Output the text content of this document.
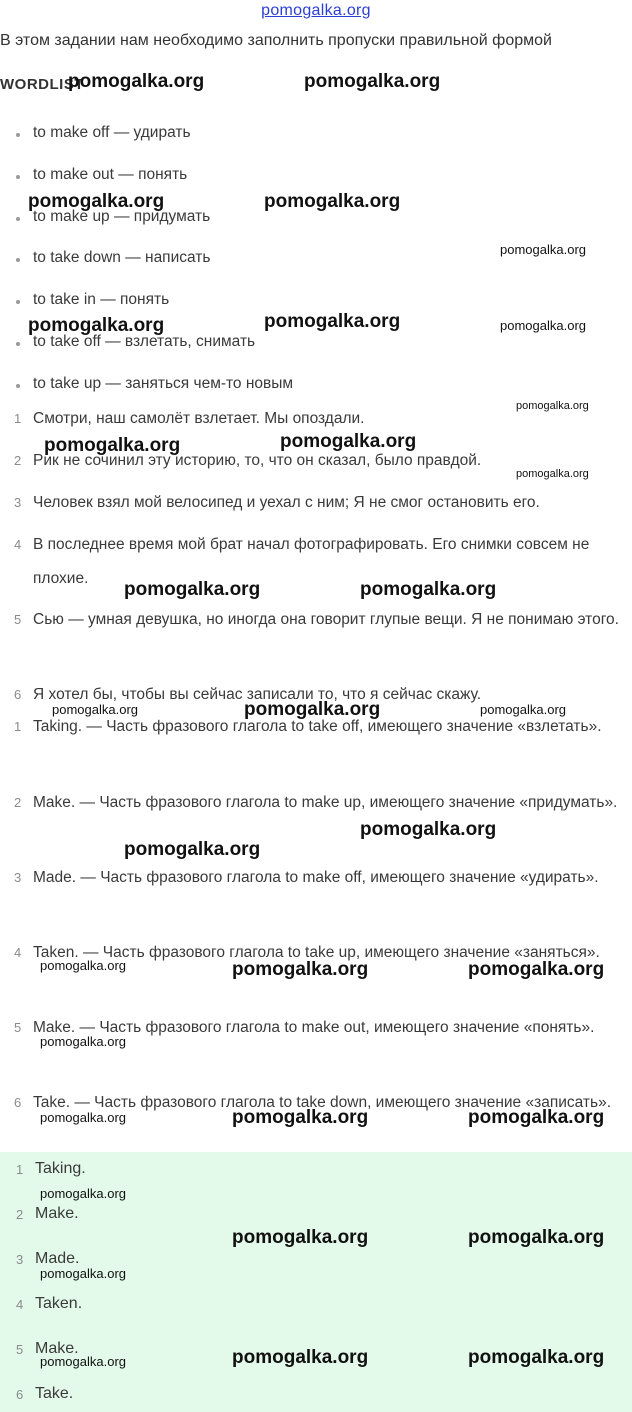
pomogalka.org
В этом задании нам необходимо заполнить пропуски правильной формой
WORDLIST
to make off — удирать
to make out — понять
to make up — придумать
to take down — написать
to take in — понять
to take off — взлетать, снимать
to take up — заняться чем-то новым
1 Смотри, наш самолёт взлетает. Мы опоздали.
2 Рик не сочинил эту историю, то, что он сказал, было правдой.
3 Человек взял мой велосипед и уехал с ним; Я не смог остановить его.
4 В последнее время мой брат начал фотографировать. Его снимки совсем не плохие.
5 Сью — умная девушка, но иногда она говорит глупые вещи. Я не понимаю этого.
6 Я хотел бы, чтобы вы сейчас записали то, что я сейчас скажу.
1 Taking. — Часть фразового глагола to take off, имеющего значение «взлетать».
2 Make. — Часть фразового глагола to make up, имеющего значение «придумать».
3 Made. — Часть фразового глагола to make off, имеющего значение «удирать».
4 Taken. — Часть фразового глагола to take up, имеющего значение «заняться».
5 Make. — Часть фразового глагола to make out, имеющего значение «понять».
6 Take. — Часть фразового глагола to take down, имеющего значение «записать».
1 Taking.
2 Make.
3 Made.
4 Taken.
5 Make.
6 Take.
pomogalka.org	pomogalka.org
pomogalka.org	pomogalka.org
pomogalka.org
pomogalka.org	pomogalka.org	pomogalka.org
pomogalka.org
pomogalka.org	pomogalka.org
pomogalka.org
pomogalka.org	pomogalka.org
pomogalka.org	pomogalka.org	pomogalka.org
pomogalka.org
pomogalka.org
pomogalka.org	pomogalka.org	pomogalka.org
pomogalka.org
pomogalka.org	pomogalka.org	pomogalka.org
pomogalka.org
pomogalka.org	pomogalka.org
pomogalka.org
pomogalka.org	pomogalka.org
pomogalka.org
